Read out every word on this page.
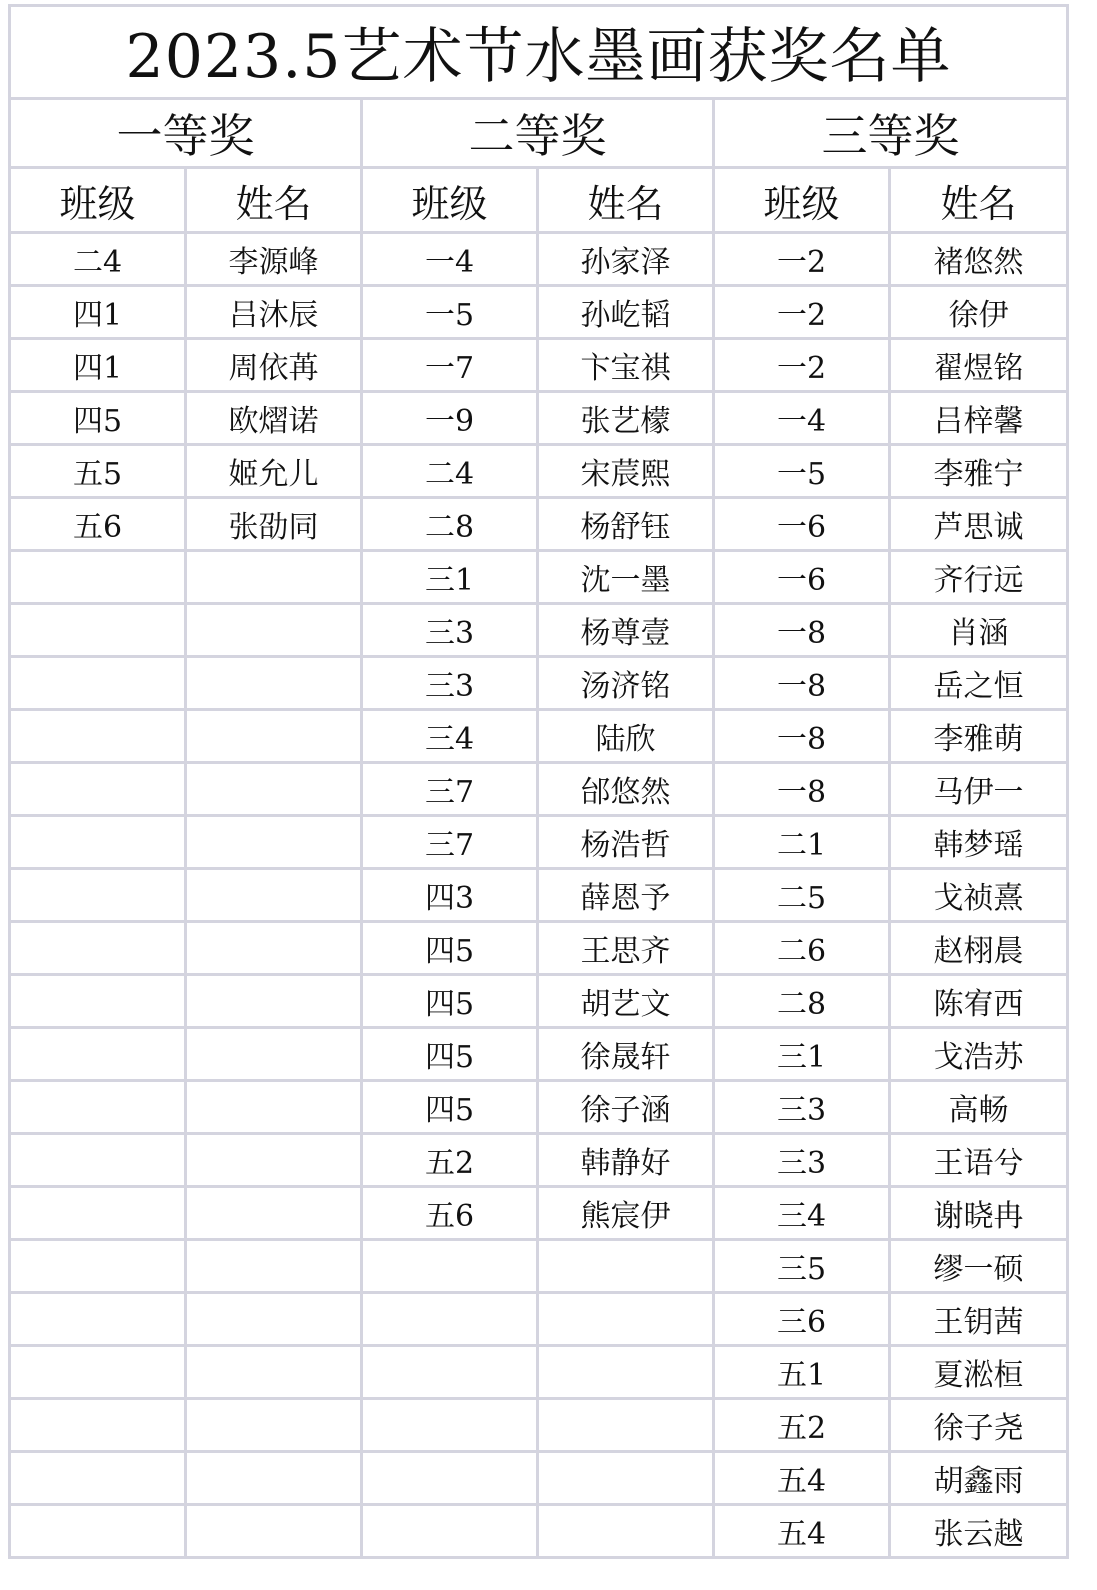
2023.5艺术节水墨画获奖名单					
一等奖		二等奖		三等奖	
班级	姓名	班级	姓名	班级	姓名
二4	李源峰	一4	孙家泽	一2	褚悠然
四1	吕沐辰	一5	孙屹韬	一2	徐伊
四1	周依苒	一7	卞宝祺	一2	翟煜铭
四5	欧熠诺	一9	张艺檬	一4	吕梓馨
五5	姬允儿	二4	宋莀熙	一5	李雅宁
五6	张劭同	二8	杨舒钰	一6	芦思诚
		三1	沈一墨	一6	齐行远
		三3	杨尊壹	一8	肖涵
		三3	汤济铭	一8	岳之恒
		三4	陆欣	一8	李雅萌
		三7	邰悠然	一8	马伊一
		三7	杨浩哲	二1	韩梦瑶
		四3	薛恩予	二5	戈祯熹
		四5	王思齐	二6	赵栩晨
		四5	胡艺文	二8	陈宥西
		四5	徐晟轩	三1	戈浩苏
		四5	徐子涵	三3	高畅
		五2	韩静好	三3	王语兮
		五6	熊宸伊	三4	谢晓冉
				三5	缪一硕
				三6	王钥茜
				五1	夏淞桓
				五2	徐子尧
				五4	胡鑫雨
				五4	张云越
